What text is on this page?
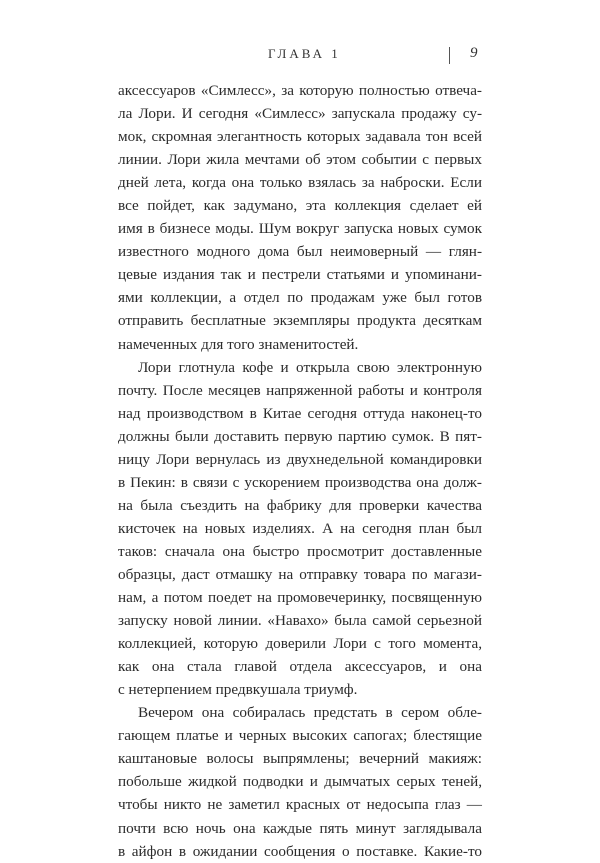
ГЛАВА 1	9

аксессуаров «Симлесс», за которую полностью отвеча-
ла Лори. И сегодня «Симлесс» запускала продажу су-
мок, скромная элегантность которых задавала тон всей
линии. Лори жила мечтами об этом событии с первых
дней лета, когда она только взялась за наброски. Если
все пойдет, как задумано, эта коллекция сделает ей
имя в бизнесе моды. Шум вокруг запуска новых сумок
известного модного дома был неимоверный — глян-
цевые издания так и пестрели статьями и упоминани-
ями коллекции, а отдел по продажам уже был готов
отправить бесплатные экземпляры продукта десяткам
намеченных для того знаменитостей.

Лори глотнула кофе и открыла свою электронную
почту. После месяцев напряженной работы и контроля
над производством в Китае сегодня оттуда наконец-то
должны были доставить первую партию сумок. В пят-
ницу Лори вернулась из двухнедельной командировки
в Пекин: в связи с ускорением производства она долж-
на была съездить на фабрику для проверки качества
кисточек на новых изделиях. А на сегодня план был
таков: сначала она быстро просмотрит доставленные
образцы, даст отмашку на отправку товара по магази-
нам, а потом поедет на промовечеринку, посвященную
запуску новой линии. «Навахо» была самой серьезной
коллекцией, которую доверили Лори с того момента,
как она стала главой отдела аксессуаров, и она
с нетерпением предвкушала триумф.

Вечером она собиралась предстать в сером обле-
гающем платье и черных высоких сапогах; блестящие
каштановые волосы выпрямлены; вечерний макияж:
побольше жидкой подводки и дымчатых серых теней,
чтобы никто не заметил красных от недосыпа глаз —
почти всю ночь она каждые пять минут заглядывала
в айфон в ожидании сообщения о поставке. Какие-то
